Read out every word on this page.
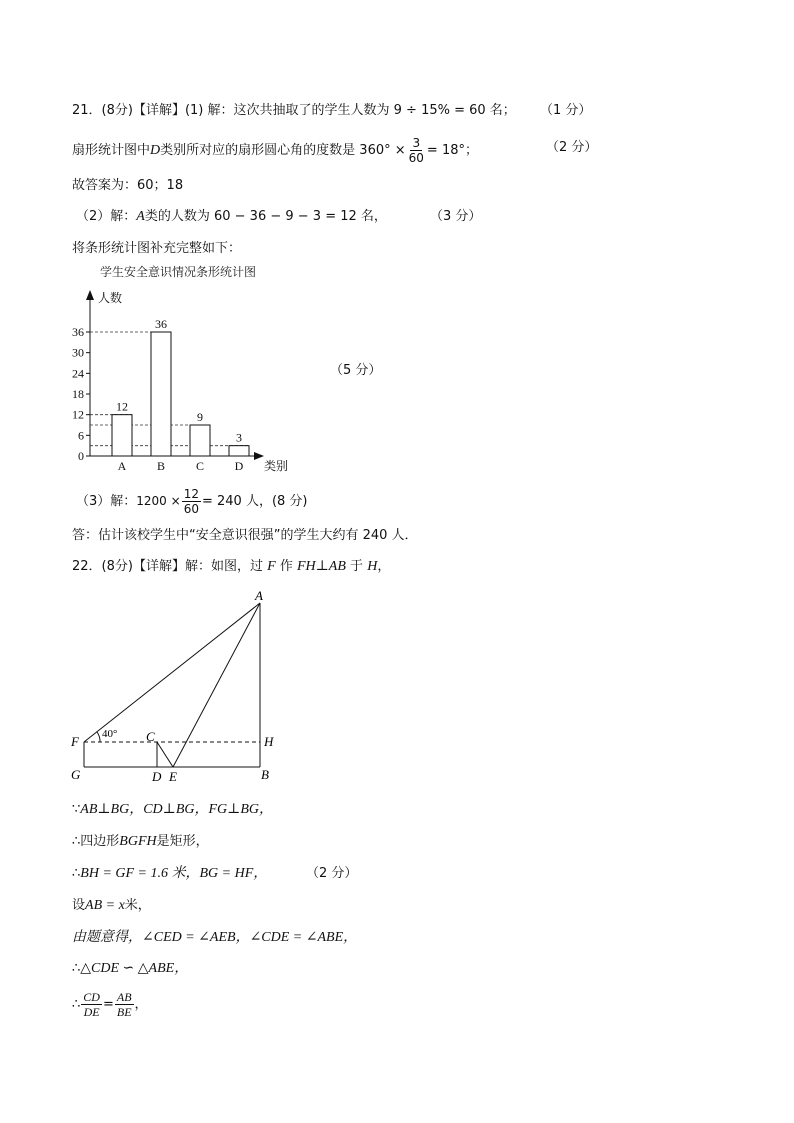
21．(8分)【详解】(1) 解：这次共抽取了的学生人数为 9 ÷ 15% = 60 名； （1 分）
扇形统计图中D类别所对应的扇形圆心角的度数是 $360^\circ \times \frac{3}{60} = 18^\circ$；	（2 分）
故答案为：60；18
（2）解：A类的人数为 60 − 36 − 9 − 3 = 12 名，	（3 分）
将条形统计图补充完整如下：
学生安全意识情况条形统计图
人数
类别
0
6
12
18
24
30
36
12
A
36
B
9
C
3
D
（5 分）
（3）解：$1200 \times \frac{12}{60} = 240$ 人，(8 分)
答：估计该校学生中“安全意识很强”的学生大约有 240 人．
22．(8分)【详解】解：如图，过 F 作 FH⊥AB 于 H，
40°
A
F	C	H
G	D E	B
∵AB⊥BG，CD⊥BG，FG⊥BG，
∴四边形BGFH是矩形，
∴BH = GF = 1.6 米，BG = HF，	（2 分）
设AB = x米，
由题意得，∠CED = ∠AEB，∠CDE = ∠ABE，
∴△CDE ∽ △ABE，
∴ $\frac{CD}{DE} = \frac{AB}{BE}$ ，
